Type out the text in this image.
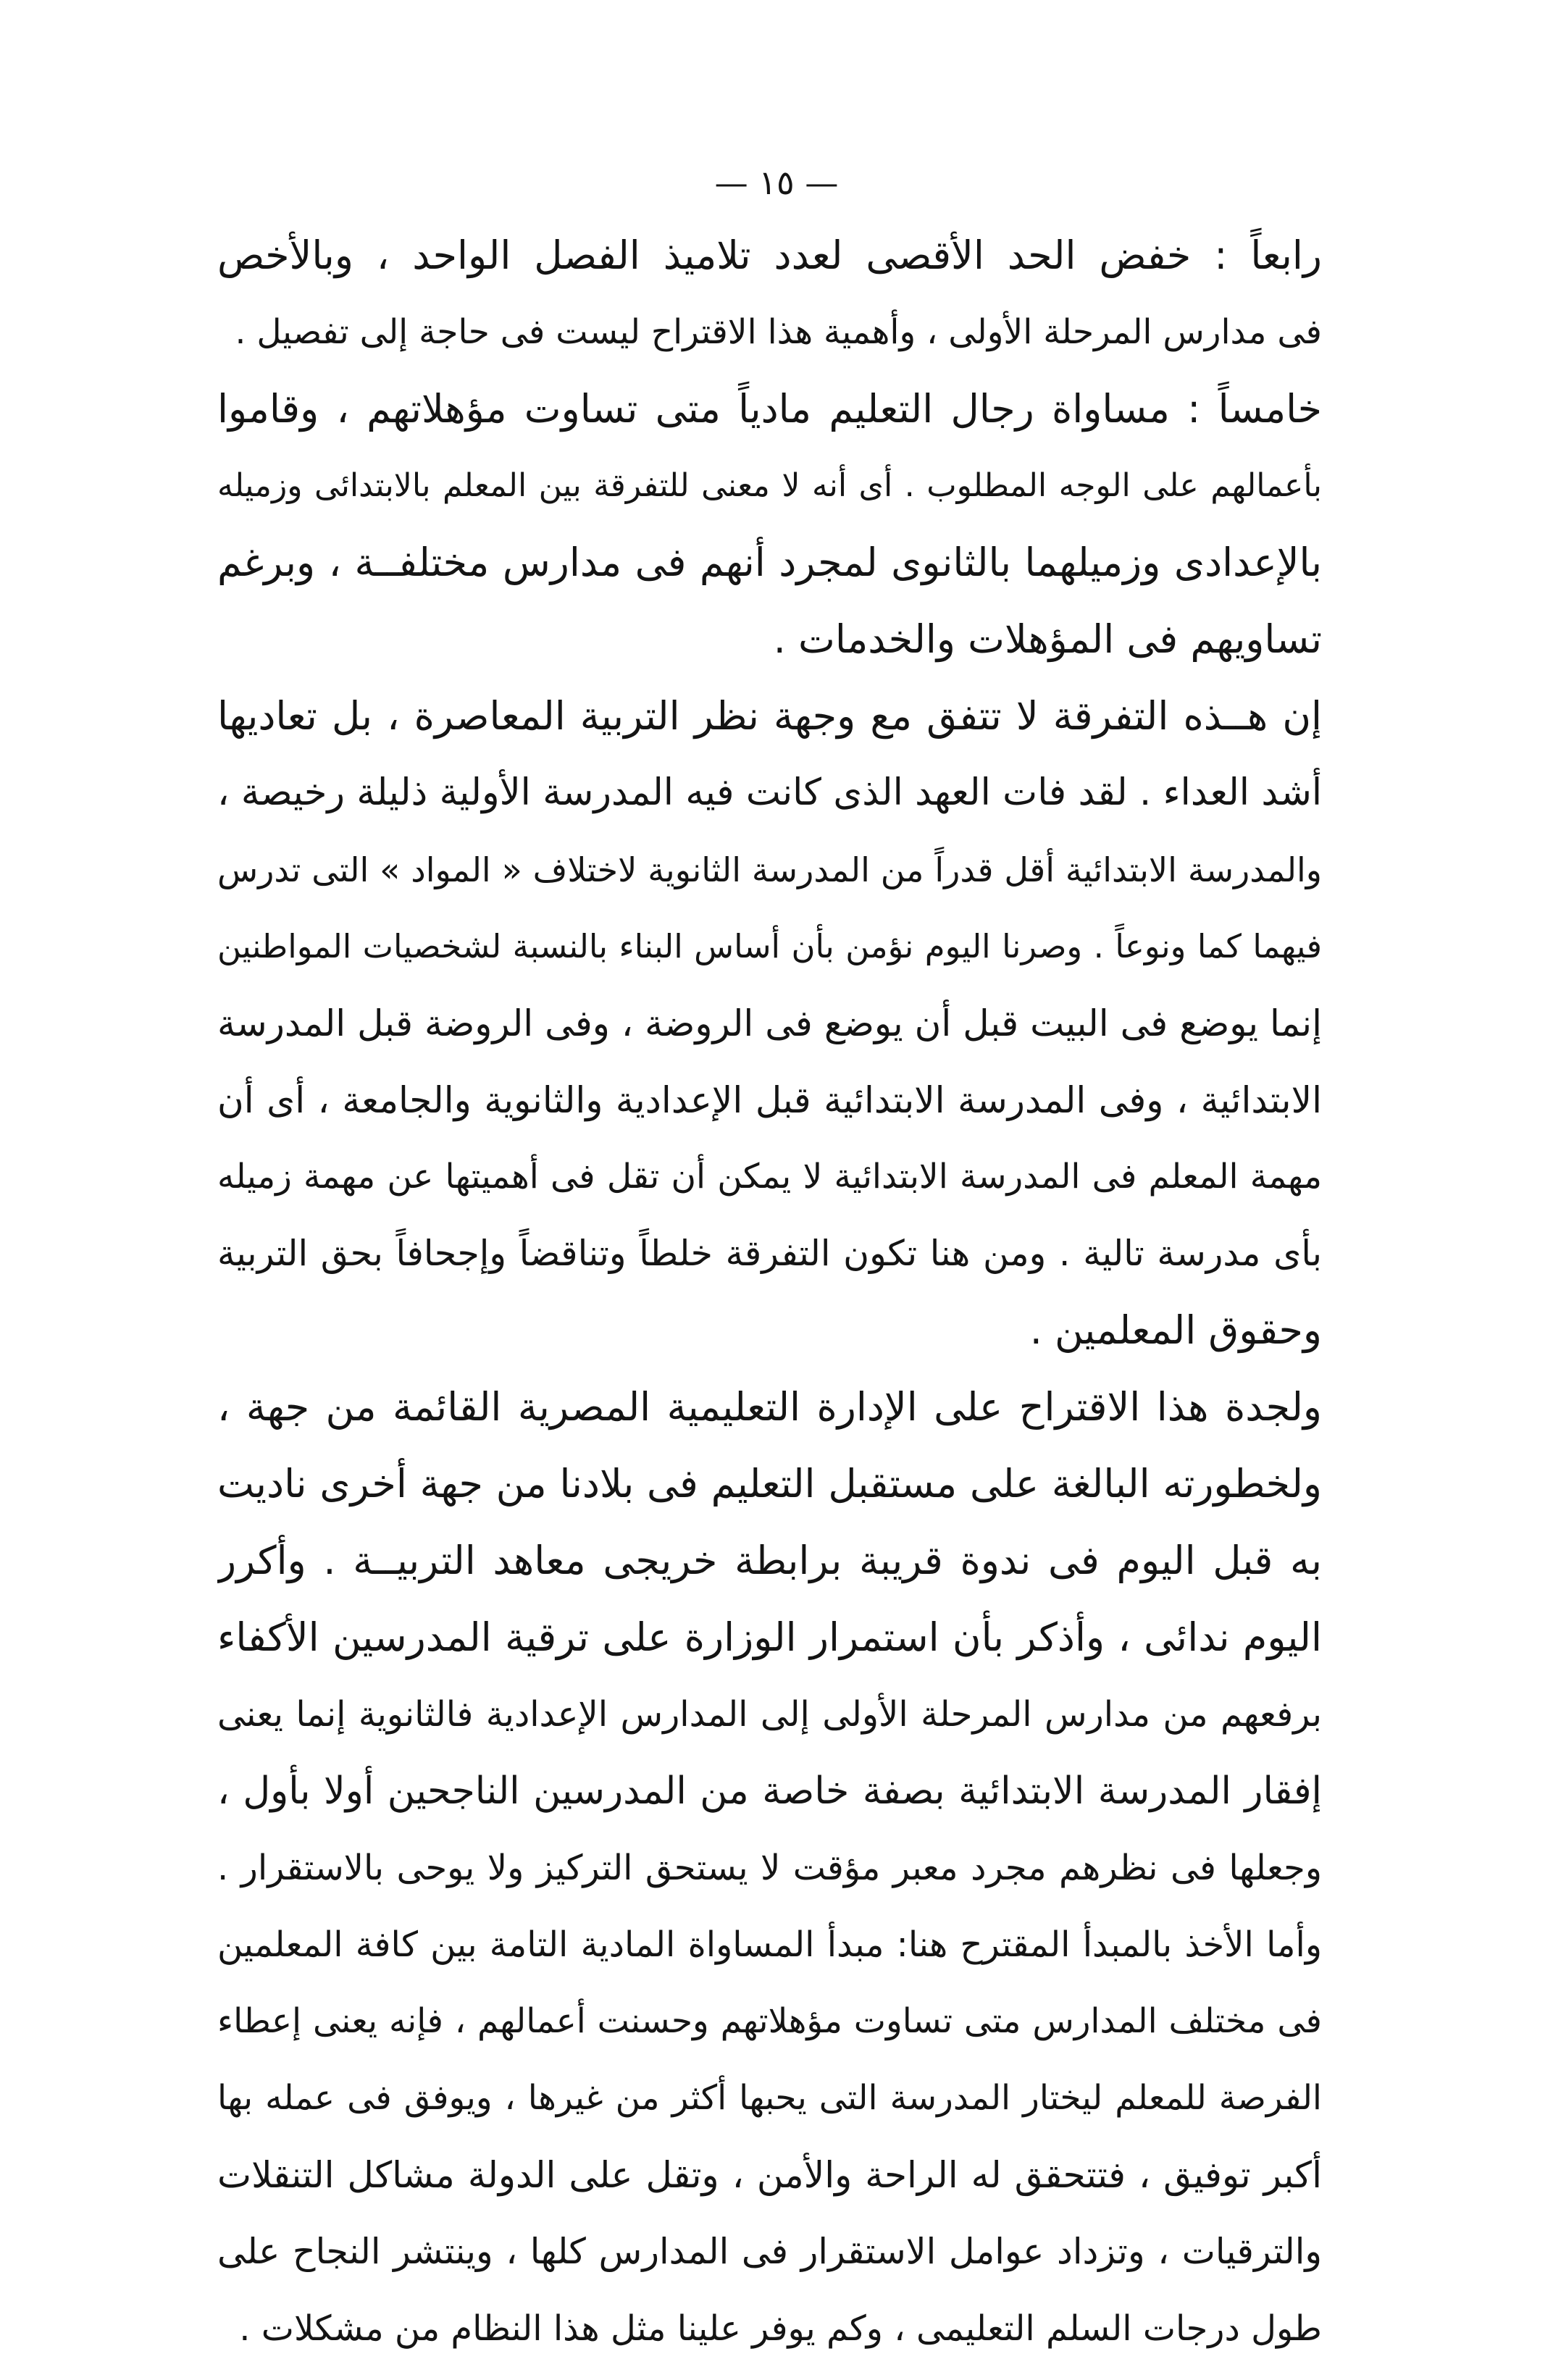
— ١٥ —
رابعاً : خفض الحد الأقصى لعدد تلاميذ الفصل الواحد ، وبالأخص
فى مدارس المرحلة الأولى ، وأهمية هذا الاقتراح ليست فى حاجة إلى تفصيل .
خامساً : مساواة رجال التعليم مادياً متى تساوت مؤهلاتهم ، وقاموا
بأعمالهم على الوجه المطلوب . أى أنه لا معنى للتفرقة بين المعلم بالابتدائى وزميله
بالإعدادى وزميلهما بالثانوى لمجرد أنهم فى مدارس مختلفــة ، وبرغم
تساويهم فى المؤهلات والخدمات .
إن هــذه التفرقة لا تتفق مع وجهة نظر التربية المعاصرة ، بل تعاديها
أشد العداء . لقد فات العهد الذى كانت فيه المدرسة الأولية ذليلة رخيصة ،
والمدرسة الابتدائية أقل قدراً من المدرسة الثانوية لاختلاف « المواد » التى تدرس
فيهما كما ونوعاً . وصرنا اليوم نؤمن بأن أساس البناء بالنسبة لشخصيات المواطنين
إنما يوضع فى البيت قبل أن يوضع فى الروضة ، وفى الروضة قبل المدرسة
الابتدائية ، وفى المدرسة الابتدائية قبل الإعدادية والثانوية والجامعة ، أى أن
مهمة المعلم فى المدرسة الابتدائية لا يمكن أن تقل فى أهميتها عن مهمة زميله
بأى مدرسة تالية . ومن هنا تكون التفرقة خلطاً وتناقضاً وإجحافاً بحق التربية
وحقوق المعلمين .
ولجدة هذا الاقتراح على الإدارة التعليمية المصرية القائمة من جهة ،
ولخطورته البالغة على مستقبل التعليم فى بلادنا من جهة أخرى ناديت
به قبل اليوم فى ندوة قريبة برابطة خريجى معاهد التربيــة . وأكرر
اليوم ندائى ، وأذكر بأن استمرار الوزارة على ترقية المدرسين الأكفاء
برفعهم من مدارس المرحلة الأولى إلى المدارس الإعدادية فالثانوية إنما يعنى
إفقار المدرسة الابتدائية بصفة خاصة من المدرسين الناجحين أولا بأول ،
وجعلها فى نظرهم مجرد معبر مؤقت لا يستحق التركيز ولا يوحى بالاستقرار .
وأما الأخذ بالمبدأ المقترح هنا: مبدأ المساواة المادية التامة بين كافة المعلمين
فى مختلف المدارس متى تساوت مؤهلاتهم وحسنت أعمالهم ، فإنه يعنى إعطاء
الفرصة للمعلم ليختار المدرسة التى يحبها أكثر من غيرها ، ويوفق فى عمله بها
أكبر توفيق ، فتتحقق له الراحة والأمن ، وتقل على الدولة مشاكل التنقلات
والترقيات ، وتزداد عوامل الاستقرار فى المدارس كلها ، وينتشر النجاح على
طول درجات السلم التعليمى ، وكم يوفر علينا مثل هذا النظام من مشكلات .
